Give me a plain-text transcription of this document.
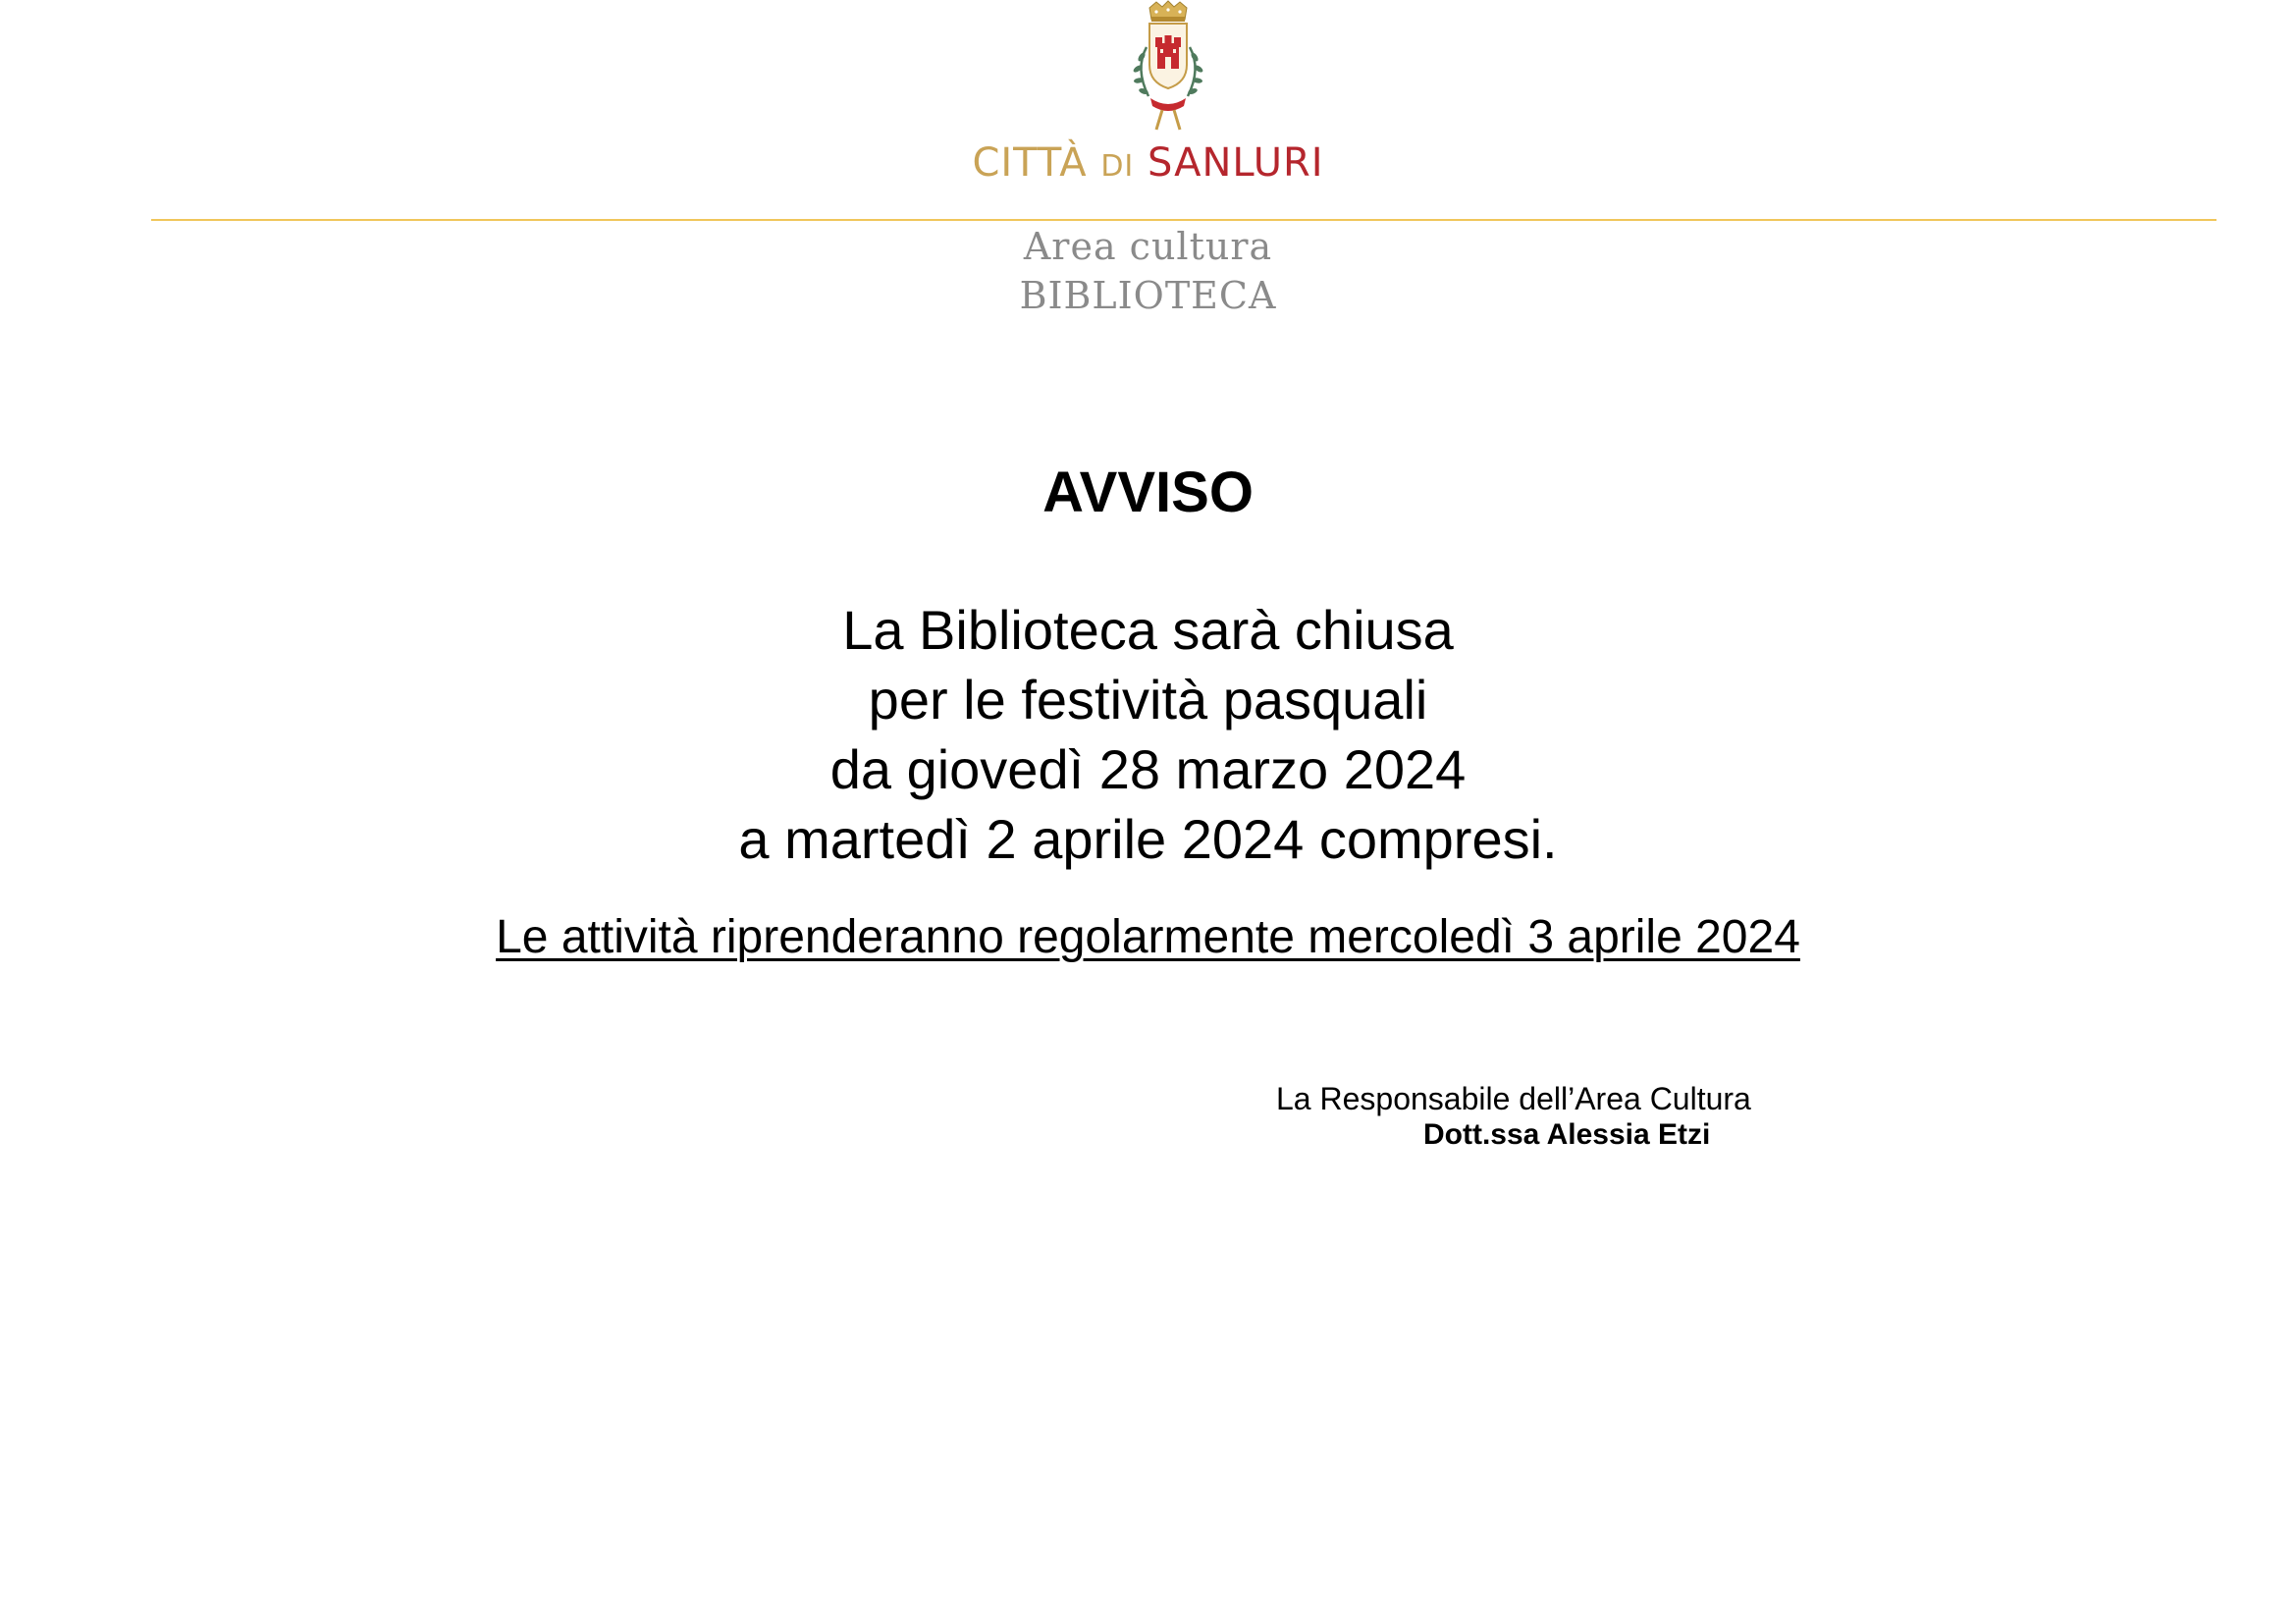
CITTÀ DI SANLURI
Area cultura
BIBLIOTECA
AVVISO
La Biblioteca sarà chiusa
per le festività pasquali
da giovedì 28 marzo 2024
a martedì 2 aprile 2024 compresi.
Le attività riprenderanno regolarmente mercoledì 3 aprile 2024
La Responsabile dell’Area Cultura
Dott.ssa Alessia Etzi
